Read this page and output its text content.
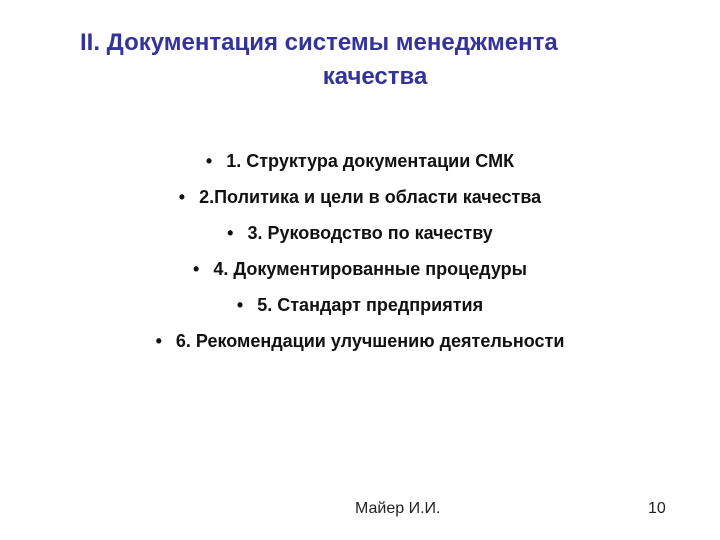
II. Документация системы менеджмента
качества
• 1. Структура документации СМК
• 2.Политика и цели в области качества
• 3. Руководство по качеству
• 4. Документированные процедуры
• 5. Стандарт предприятия
• 6. Рекомендации улучшению деятельности
Майер И.И.	10
